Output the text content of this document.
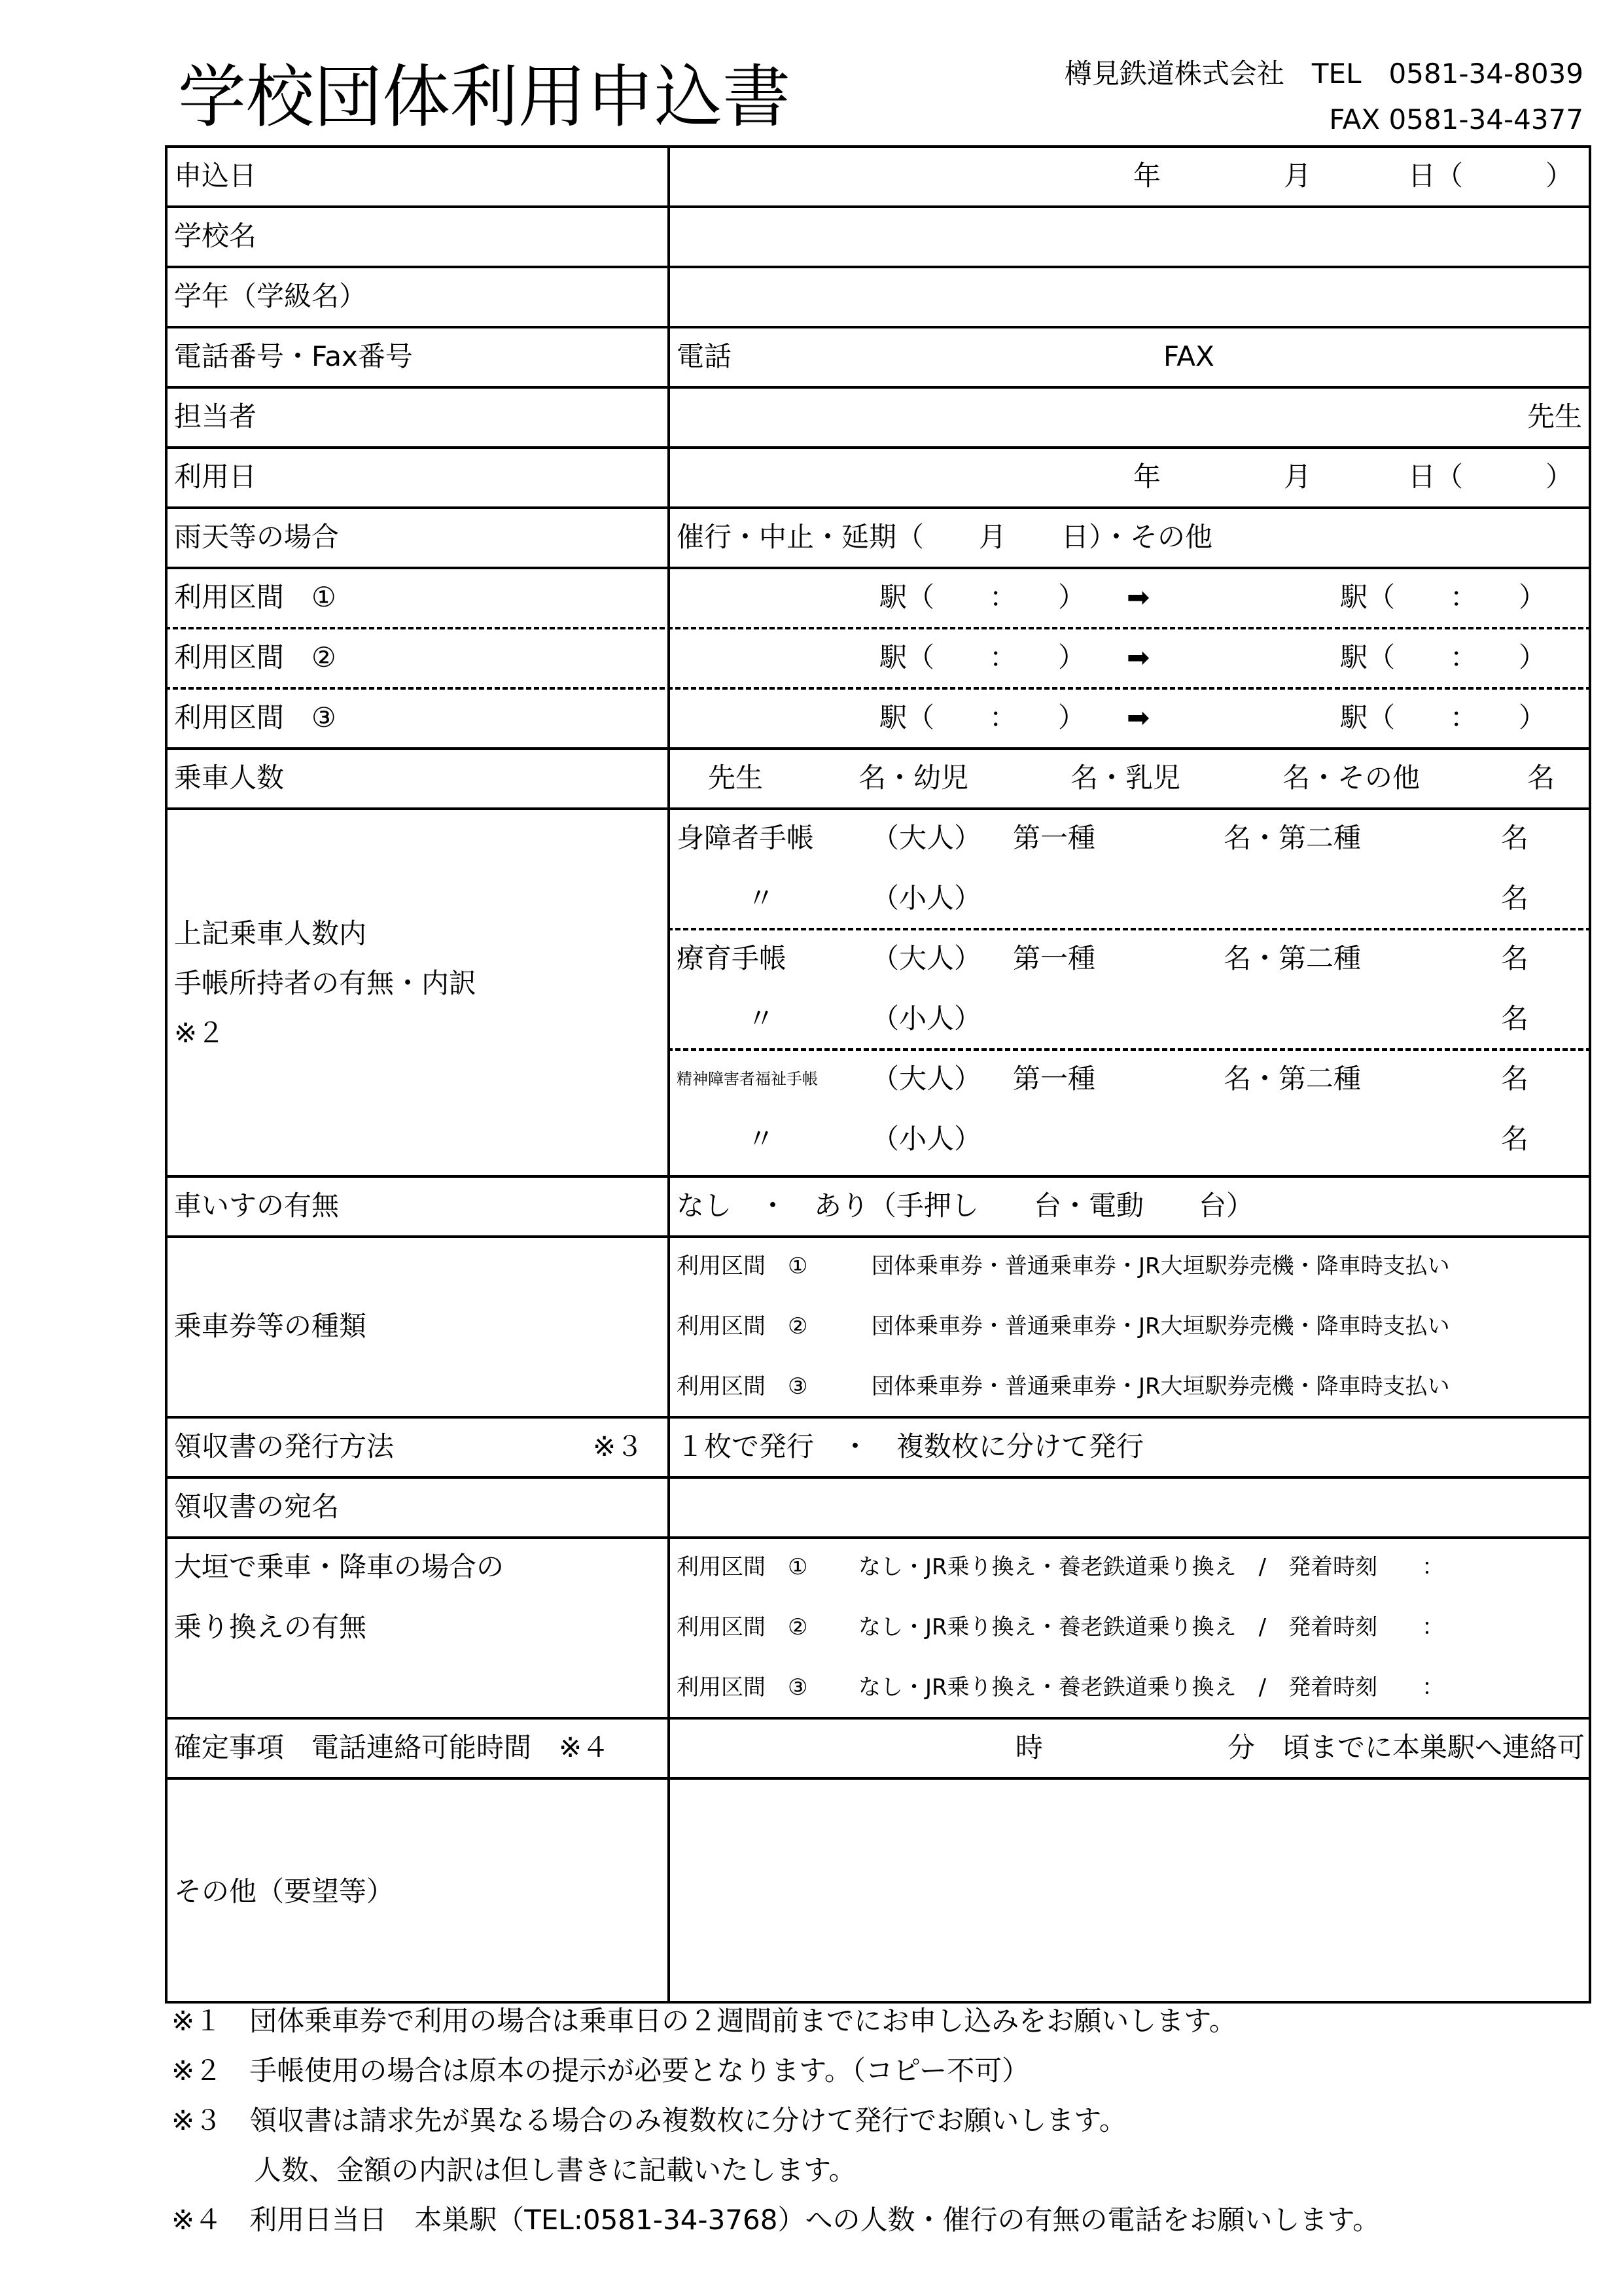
学校団体利用申込書	樽見鉄道株式会社　TEL　0581-34-8039
FAX 0581-34-4377
申込日	年	月	日（　　　）
学校名
学年（学級名）
電話番号・Fax番号	電話	FAX
担当者	先生
利用日	年	月	日（　　　）
雨天等の場合	催行・中止・延期（　　月　　日）・その他
利用区間　①	駅（　　：　　） ➡	駅（　　：　　）
利用区間　②	駅（　　：　　） ➡	駅（　　：　　）
利用区間　③	駅（　　：　　） ➡	駅（　　：　　）
乗車人数	先生	名・幼児	名・乳児	名・その他	名
上記乗車人数内
手帳所持者の有無・内訳
※２
身障者手帳 （大人） 第一種	名・第二種	名
〃	（小人）	名
療育手帳	（大人） 第一種	名・第二種	名
〃	（小人）	名
精神障害者福祉手帳 （大人） 第一種	名・第二種	名
〃	（小人）	名
車いすの有無	なし　・　あり（手押し　　台・電動　　台）
乗車券等の種類
利用区間　①	団体乗車券・普通乗車券・JR大垣駅券売機・降車時支払い
利用区間　②	団体乗車券・普通乗車券・JR大垣駅券売機・降車時支払い
利用区間　③	団体乗車券・普通乗車券・JR大垣駅券売機・降車時支払い
領収書の発行方法	※３ １枚で発行　・　複数枚に分けて発行
領収書の宛名
大垣で乗車・降車の場合の
乗り換えの有無
利用区間　① なし・JR乗り換え・養老鉄道乗り換え　/　発着時刻　　：
利用区間　② なし・JR乗り換え・養老鉄道乗り換え　/　発着時刻　　：
利用区間　③ なし・JR乗り換え・養老鉄道乗り換え　/　発着時刻　　：
確定事項　電話連絡可能時間　※４	時	分　頃までに本巣駅へ連絡可
その他（要望等）
※１　団体乗車券で利用の場合は乗車日の２週間前までにお申し込みをお願いします。
※２　手帳使用の場合は原本の提示が必要となります。（コピー不可）
※３　領収書は請求先が異なる場合のみ複数枚に分けて発行でお願いします。
　　　人数、金額の内訳は但し書きに記載いたします。
※４　利用日当日　本巣駅（TEL:0581-34-3768）への人数・催行の有無の電話をお願いします。
